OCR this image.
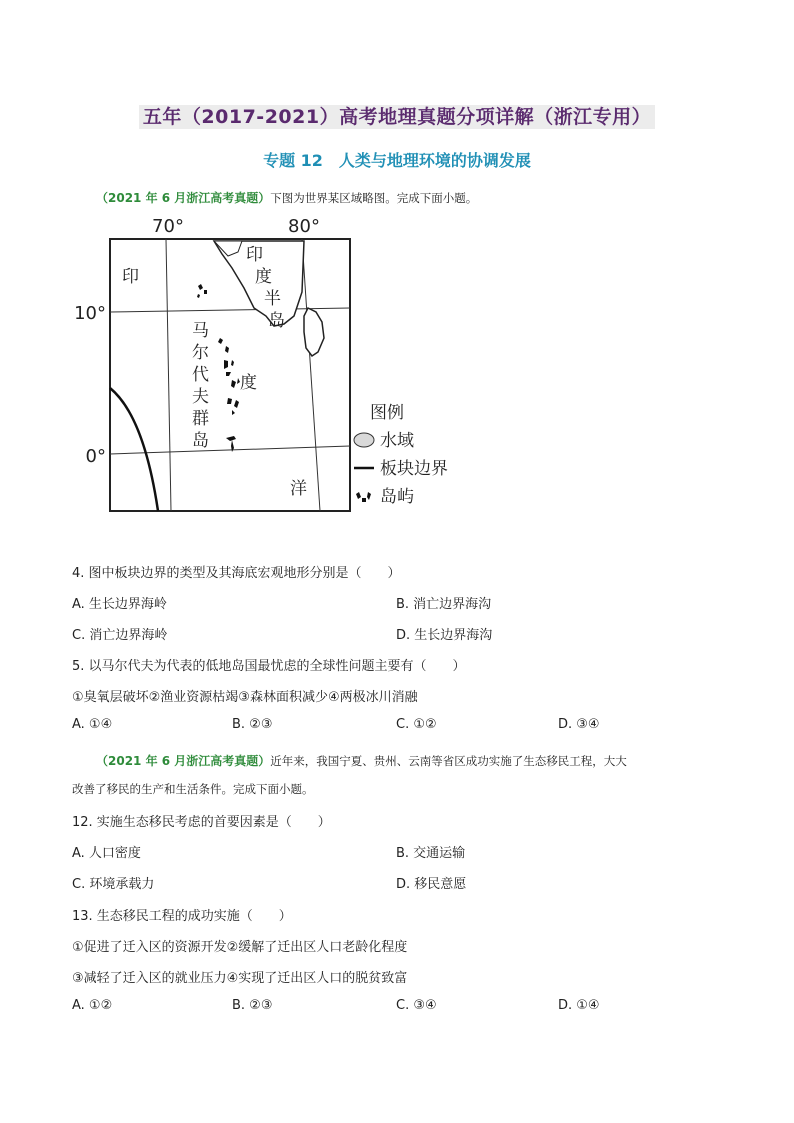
五年（2017-2021）高考地理真题分项详解（浙江专用）
专题 12　人类与地理环境的协调发展
（2021 年 6 月浙江高考真题）下图为世界某区域略图。完成下面小题。
70°	80°
10°
0°
印
度
洋
印
度
半
岛
马
尔
代
夫
群
岛
图例
水域
板块边界
岛屿
4. 图中板块边界的类型及其海底宏观地形分别是（　　）
A. 生长边界海岭	B. 消亡边界海沟
C. 消亡边界海岭	D. 生长边界海沟
5. 以马尔代夫为代表的低地岛国最忧虑的全球性问题主要有（　　）
①臭氧层破坏②渔业资源枯竭③森林面积减少④两极冰川消融
A. ①④	B. ②③	C. ①②	D. ③④
（2021 年 6 月浙江高考真题）近年来，我国宁夏、贵州、云南等省区成功实施了生态移民工程，大大
改善了移民的生产和生活条件。完成下面小题。
12. 实施生态移民考虑的首要因素是（　　）
A. 人口密度	B. 交通运输
C. 环境承载力	D. 移民意愿
13. 生态移民工程的成功实施（　　）
①促进了迁入区的资源开发②缓解了迁出区人口老龄化程度
③减轻了迁入区的就业压力④实现了迁出区人口的脱贫致富
A. ①②	B. ②③	C. ③④	D. ①④
